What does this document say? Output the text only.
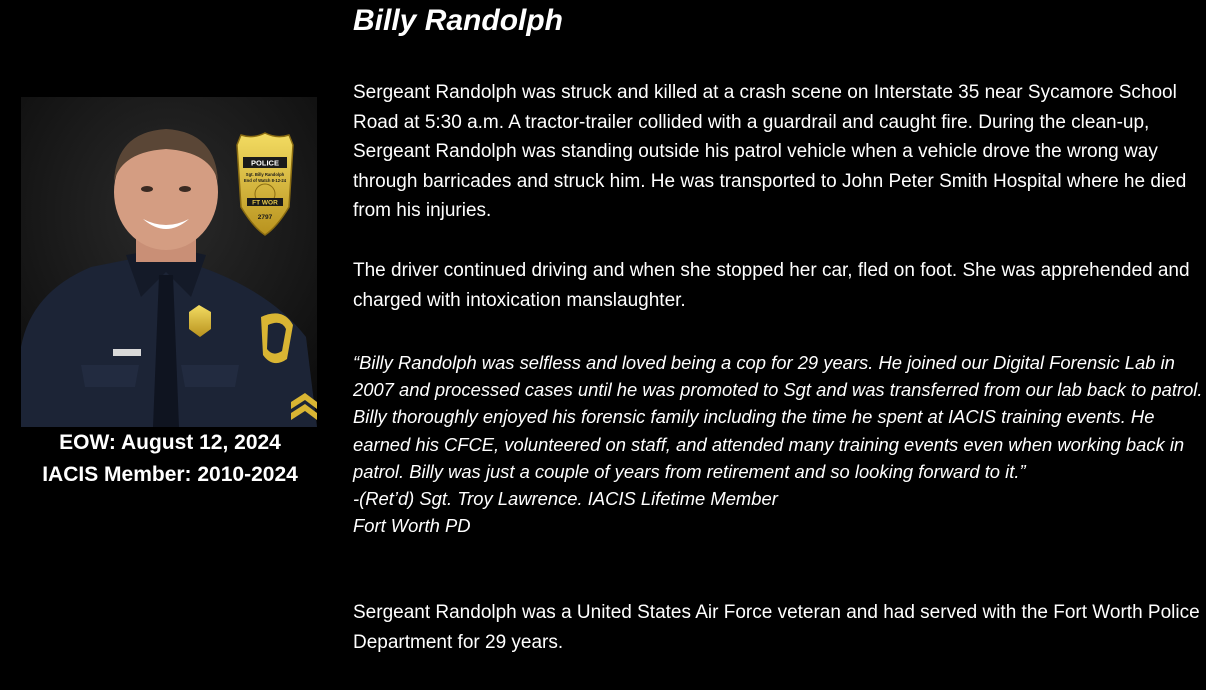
POLICE
Sgt. Billy Randolph
End of Watch 8-12-24
FT WOR
2797
EOW: August 12, 2024
IACIS Member: 2010-2024
Billy Randolph

Sergeant Randolph was struck and killed at a crash scene on Interstate 35 near Sycamore School Road at 5:30 a.m. A tractor-trailer collided with a guardrail and caught fire. During the clean-up, Sergeant Randolph was standing outside his patrol vehicle when a vehicle drove the wrong way through barricades and struck him. He was transported to John Peter Smith Hospital where he died from his injuries.

The driver continued driving and when she stopped her car, fled on foot. She was apprehended and charged with intoxication manslaughter.

“Billy Randolph was selfless and loved being a cop for 29 years. He joined our Digital Forensic Lab in 2007 and processed cases until he was promoted to Sgt and was transferred from our lab back to patrol. Billy thoroughly enjoyed his forensic family including the time he spent at IACIS training events. He earned his CFCE, volunteered on staff, and attended many training events even when working back in patrol. Billy was just a couple of years from retirement and so looking forward to it.”
-(Ret’d) Sgt. Troy Lawrence. IACIS Lifetime Member
Fort Worth PD

Sergeant Randolph was a United States Air Force veteran and had served with the Fort Worth Police Department for 29 years.
